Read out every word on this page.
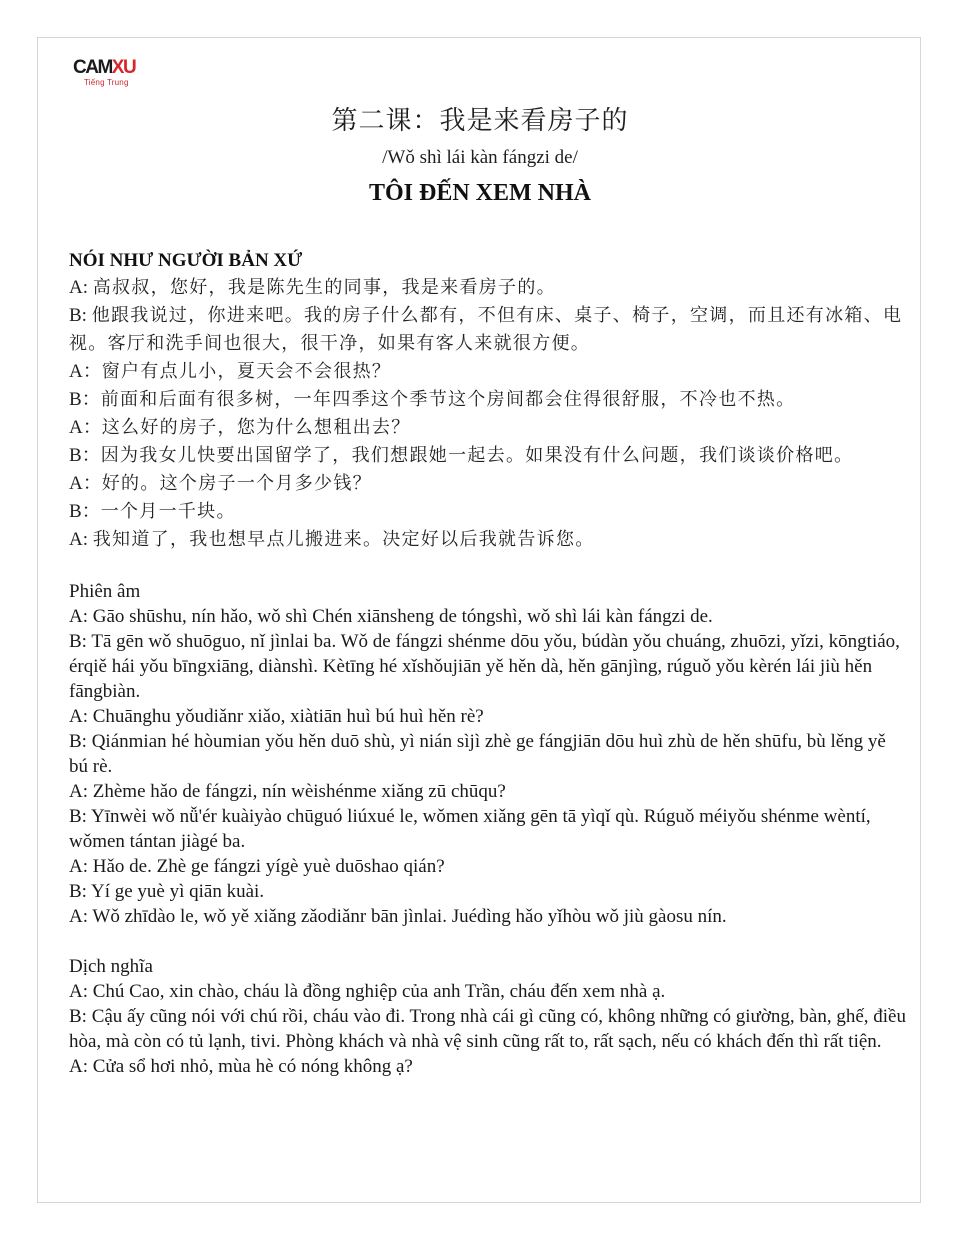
CAMXU
Tiếng Trung
第二课：我是来看房子的
/Wǒ shì lái kàn fángzi de/
TÔI ĐẾN XEM NHÀ
NÓI NHƯ NGƯỜI BẢN XỨ
A: 高叔叔，您好，我是陈先生的同事，我是来看房子的。
B: 他跟我说过，你进来吧。我的房子什么都有，不但有床、桌子、椅子，空调，而且还有冰箱、电视。客厅和洗手间也很大，很干净，如果有客人来就很方便。
A：窗户有点儿小，夏天会不会很热？
B：前面和后面有很多树，一年四季这个季节这个房间都会住得很舒服，不冷也不热。
A：这么好的房子，您为什么想租出去？
B：因为我女儿快要出国留学了，我们想跟她一起去。如果没有什么问题，我们谈谈价格吧。
A：好的。这个房子一个月多少钱？
B：一个月一千块。
A: 我知道了，我也想早点儿搬进来。决定好以后我就告诉您。
Phiên âm
A: Gāo shūshu, nín hǎo, wǒ shì Chén xiānsheng de tóngshì, wǒ shì lái kàn fángzi de.
B: Tā gēn wǒ shuōguo, nǐ jìnlai ba. Wǒ de fángzi shénme dōu yǒu, búdàn yǒu chuáng, zhuōzi, yǐzi, kōngtiáo, érqiě hái yǒu bīngxiāng, diànshì. Kètīng hé xǐshǒujiān yě hěn dà, hěn gānjìng, rúguǒ yǒu kèrén lái jiù hěn fāngbiàn.
A: Chuānghu yǒudiǎnr xiǎo, xiàtiān huì bú huì hěn rè?
B: Qiánmian hé hòumian yǒu hěn duō shù, yì nián sìjì zhè ge fángjiān dōu huì zhù de hěn shūfu, bù lěng yě bú rè.
A: Zhème hǎo de fángzi, nín wèishénme xiǎng zū chūqu?
B: Yīnwèi wǒ nǚ'ér kuàiyào chūguó liúxué le, wǒmen xiǎng gēn tā yìqǐ qù. Rúguǒ méiyǒu shénme wèntí, wǒmen tántan jiàgé ba.
A: Hǎo de. Zhè ge fángzi yígè yuè duōshao qián?
B: Yí ge yuè yì qiān kuài.
A: Wǒ zhīdào le, wǒ yě xiǎng zǎodiǎnr bān jìnlai. Juédìng hǎo yǐhòu wǒ jiù gàosu nín.
Dịch nghĩa
A: Chú Cao, xin chào, cháu là đồng nghiệp của anh Trần, cháu đến xem nhà ạ.
B: Cậu ấy cũng nói với chú rồi, cháu vào đi. Trong nhà cái gì cũng có, không những có giường, bàn, ghế, điều hòa, mà còn có tủ lạnh, tivi. Phòng khách và nhà vệ sinh cũng rất to, rất sạch, nếu có khách đến thì rất tiện.
A: Cửa sổ hơi nhỏ, mùa hè có nóng không ạ?
